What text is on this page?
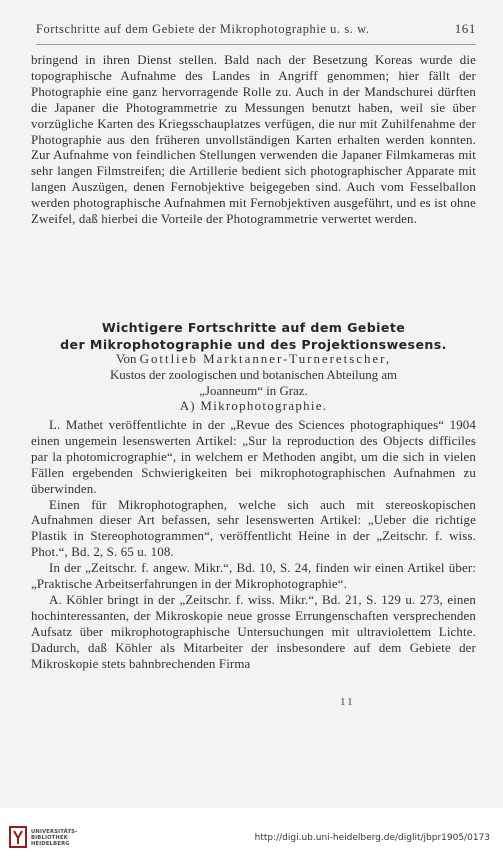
Fortschritte auf dem Gebiete der Mikrophotographie u. s. w.	161

bringend in ihren Dienst stellen. Bald nach der Besetzung Koreas wurde die topographische Aufnahme des Landes in Angriff genommen; hier fällt der Photographie eine ganz hervorragende Rolle zu. Auch in der Mandschurei dürften die Japaner die Photogrammetrie zu Messungen benutzt haben, weil sie über vorzügliche Karten des Kriegsschauplatzes verfügen, die nur mit Zuhilfenahme der Photographie aus den früheren unvollständigen Karten erhalten werden konnten. Zur Aufnahme von feindlichen Stellungen verwenden die Japaner Filmkameras mit sehr langen Filmstreifen; die Artillerie bedient sich photographischer Apparate mit langen Auszügen, denen Fernobjektive beigegeben sind. Auch vom Fesselballon werden photographische Aufnahmen mit Fernobjektiven ausgeführt, und es ist ohne Zweifel, daß hierbei die Vorteile der Photogrammetrie verwertet werden.

Wichtigere Fortschritte auf dem Gebiete
der Mikrophotographie und des Projektionswesens.
Von Gottlieb Marktanner-Turneretscher,
Kustos der zoologischen und botanischen Abteilung am
„Joanneum“ in Graz.
A) Mikrophotographie.

L. Mathet veröffentlichte in der „Revue des Sciences photographiques“ 1904 einen ungemein lesenswerten Artikel: „Sur la reproduction des Objects difficiles par la photomicrographie“, in welchem er Methoden angibt, um die sich in vielen Fällen ergebenden Schwierigkeiten bei mikrophotographischen Aufnahmen zu überwinden.

Einen für Mikrophotographen, welche sich auch mit stereoskopischen Aufnahmen dieser Art befassen, sehr lesenswerten Artikel: „Ueber die richtige Plastik in Stereophotogrammen“, veröffentlicht Heine in der „Zeitschr. f. wiss. Phot.“, Bd. 2, S. 65 u. 108.

In der „Zeitschr. f. angew. Mikr.“, Bd. 10, S. 24, finden wir einen Artikel über: „Praktische Arbeitserfahrungen in der Mikrophotographie“.

A. Köhler bringt in der „Zeitschr. f. wiss. Mikr.“, Bd. 21, S. 129 u. 273, einen hochinteressanten, der Mikroskopie neue grosse Errungenschaften versprechenden Aufsatz über mikrophotographische Untersuchungen mit ultraviolettem Lichte. Dadurch, daß Köhler als Mitarbeiter der insbesondere auf dem Gebiete der Mikroskopie stets bahnbrechenden Firma

11
UNIVERSITÄTS-
BIBLIOTHEK
HEIDELBERG
http://digi.ub.uni-heidelberg.de/diglit/jbpr1905/0173
